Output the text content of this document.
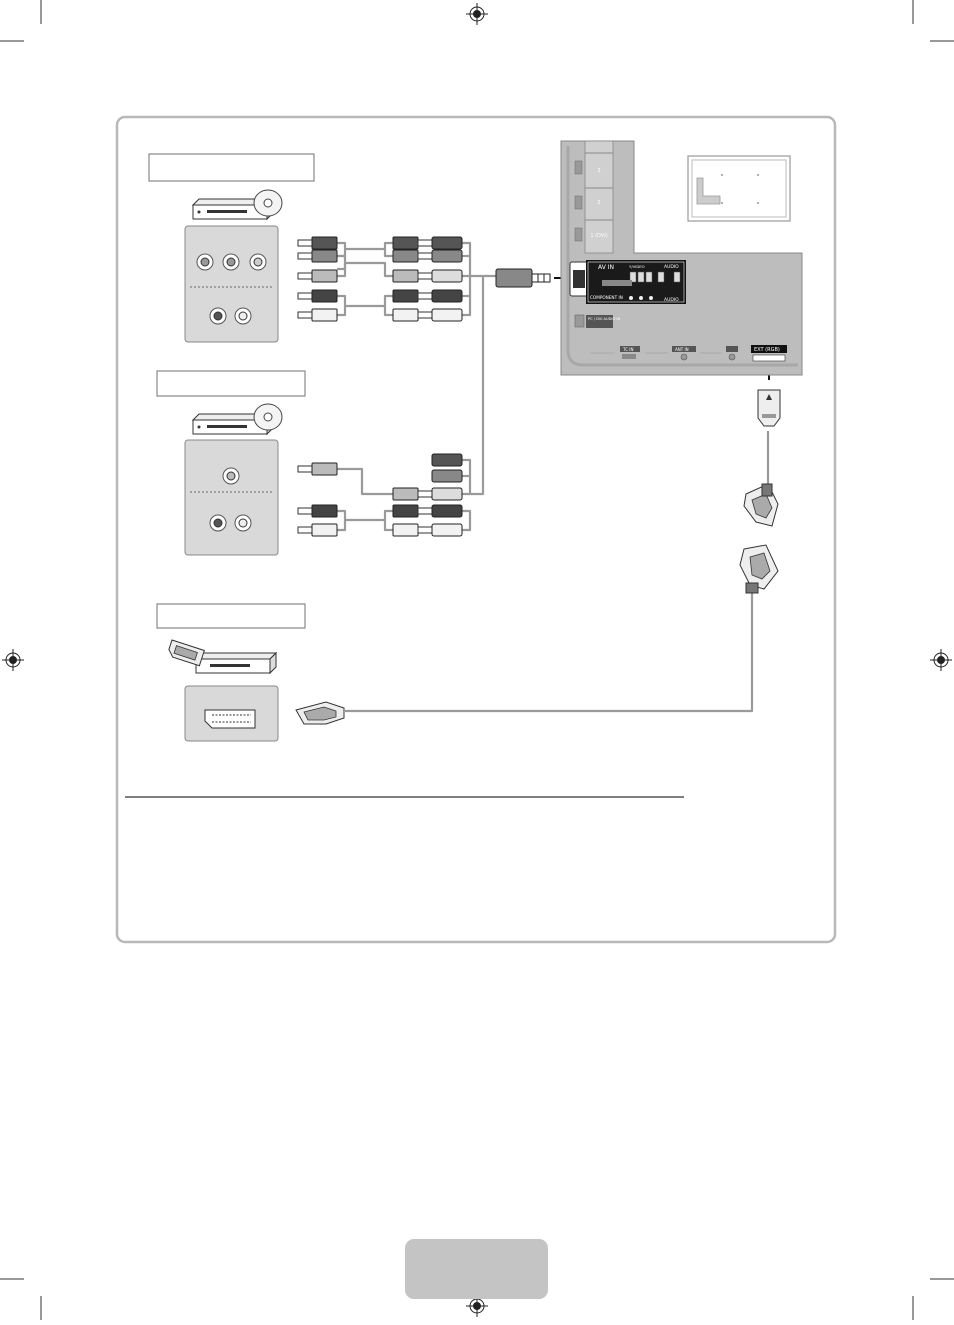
3
2
1 (DVI)
AV IN	Y/VIDEO	AUDIO
COMPONENT IN
AUDIO
PC / DVI AUDIO IN
TC IN	ANT IN	EXT (RGB)
